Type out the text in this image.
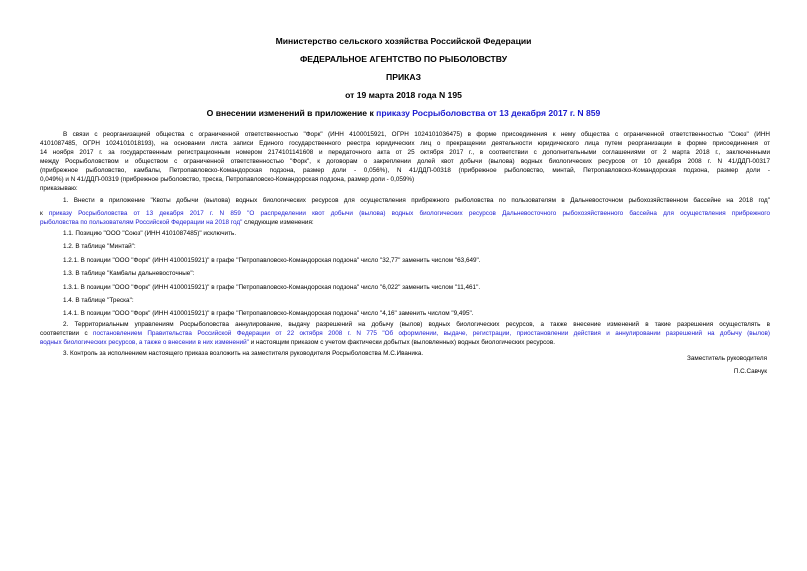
Министерство сельского хозяйства Российской Федерации
ФЕДЕРАЛЬНОЕ АГЕНТСТВО ПО РЫБОЛОВСТВУ
ПРИКАЗ
от 19 марта 2018 года N 195
О внесении изменений в приложение к приказу Росрыболовства от 13 декабря 2017 г. N 859
В связи с реорганизацией общества с ограниченной ответственностью "Форк" (ИНН 4100015921, ОГРН 1024101036475) в форме присоединения к нему общества с ограниченной ответственностью "Союз" (ИНН
4101087485, ОГРН 1024101018193), на основании листа записи Единого государственного реестра юридических лиц о прекращении деятельности юридического лица путем реорганизации в форме присоединения от
14 ноября 2017 г. за государственным регистрационным номером 2174101141608 и передаточного акта от 25 октября 2017 г., в соответствии с дополнительными соглашениями от 2 марта 2018 г., заключенными
между Росрыболовством и обществом с ограниченной ответственностью "Форк", к договорам о закреплении долей квот добычи (вылова) водных биологических ресурсов от 10 декабря 2008 г. N 41/ДДП-00317
(прибрежное рыболовство, камбалы, Петропавловско-Командорская подзона, размер доли - 0,056%), N 41/ДДП-00318 (прибрежное рыболовство, минтай, Петропавловско-Командорская подзона, размер доли -
0,049%) и N 41/ДДП-00319 (прибрежное рыболовство, треска, Петропавловско-Командорская подзона, размер доли - 0,059%)
приказываю:
1. Внести в приложение "Квоты добычи (вылова) водных биологических ресурсов для осуществления прибрежного рыболовства по пользователям в Дальневосточном рыбохозяйственном бассейне на 2018 год"
к приказу Росрыболовства от 13 декабря 2017 г. N 859 "О распределении квот добычи (вылова) водных биологических ресурсов Дальневосточного рыбохозяйственного бассейна для осуществления прибрежного
рыболовства по пользователям Российской Федерации на 2018 год" следующие изменения:
1.1. Позицию "ООО "Союз" (ИНН 4101087485)" исключить.
1.2. В таблице "Минтай":
1.2.1. В позиции "ООО "Форк" (ИНН 4100015921)" в графе "Петропавловско-Командорская подзона" число "32,77" заменить числом "63,649".
1.3. В таблице "Камбалы дальневосточные":
1.3.1. В позиции "ООО "Форк" (ИНН 4100015921)" в графе "Петропавловско-Командорская подзона" число "6,022" заменить числом "11,461".
1.4. В таблице "Треска":
1.4.1. В позиции "ООО "Форк" (ИНН 4100015921)" в графе "Петропавловско-Командорская подзона" число "4,16" заменить числом "9,495".
2. Территориальным управлениям Росрыболовства аннулирование, выдачу разрешений на добычу (вылов) водных биологических ресурсов, а также внесение изменений в такие разрешения осуществлять в
соответствии с постановлением Правительства Российской Федерации от 22 октября 2008 г. N 775 "Об оформлении, выдаче, регистрации, приостановлении действия и аннулировании разрешений на добычу (вылов)
водных биологических ресурсов, а также о внесении в них изменений" и настоящим приказом с учетом фактически добытых (выловленных) водных биологических ресурсов.
3. Контроль за исполнением настоящего приказа возложить на заместителя руководителя Росрыболовства М.С.Иваника.
Заместитель руководителя
П.С.Савчук
